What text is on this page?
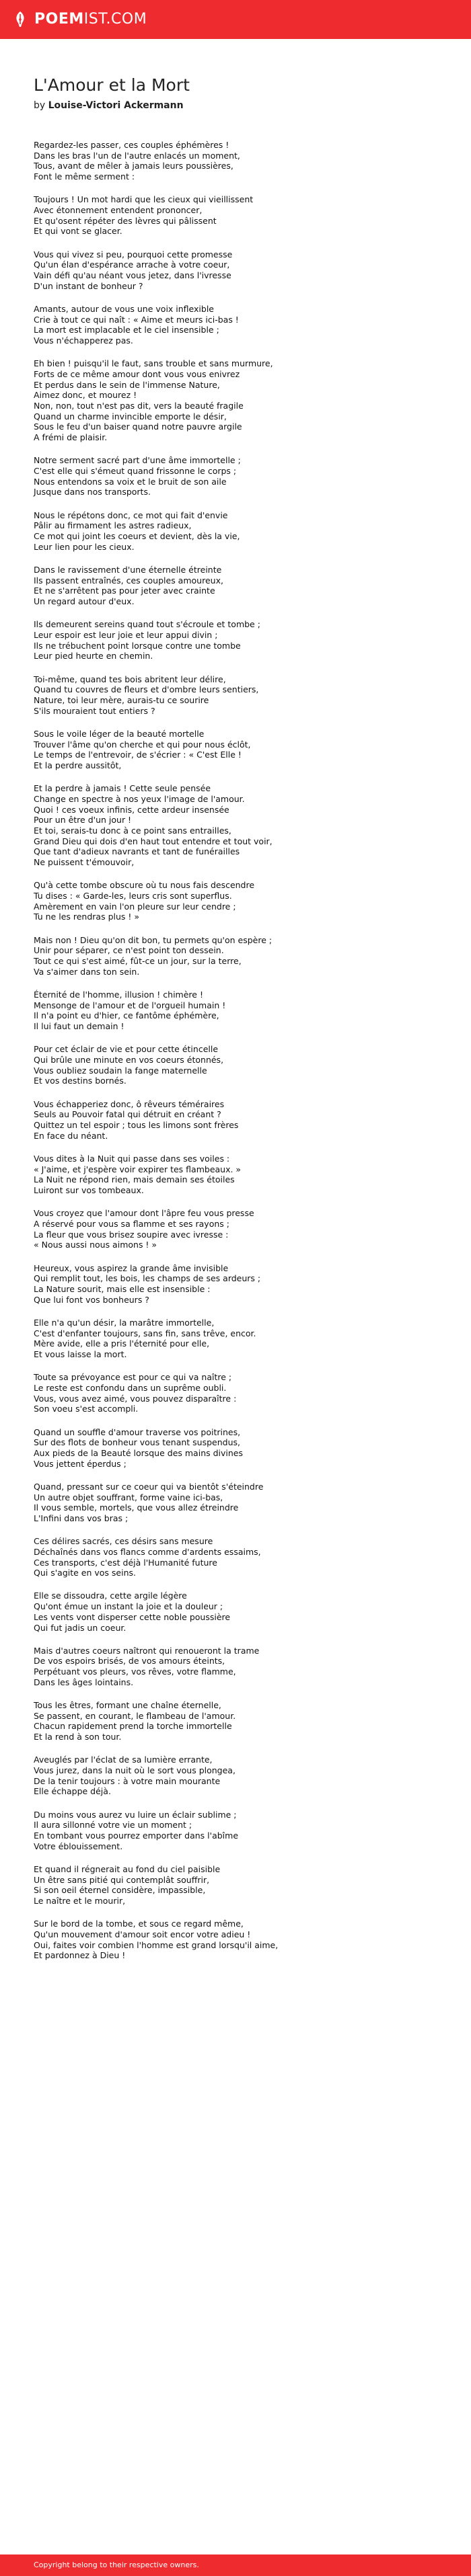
POEMIST.COM
L'Amour et la Mort
by Louise-Victori Ackermann
Regardez-les passer, ces couples éphémères !
Dans les bras l'un de l'autre enlacés un moment,
Tous, avant de mêler à jamais leurs poussières,
Font le même serment :
Toujours ! Un mot hardi que les cieux qui vieillissent
Avec étonnement entendent prononcer,
Et qu'osent répéter des lèvres qui pâlissent
Et qui vont se glacer.
Vous qui vivez si peu, pourquoi cette promesse
Qu'un élan d'espérance arrache à votre coeur,
Vain défi qu'au néant vous jetez, dans l'ivresse
D'un instant de bonheur ?
Amants, autour de vous une voix inflexible
Crie à tout ce qui naît : « Aime et meurs ici-bas !
La mort est implacable et le ciel insensible ;
Vous n'échapperez pas.
Eh bien ! puisqu'il le faut, sans trouble et sans murmure,
Forts de ce même amour dont vous vous enivrez
Et perdus dans le sein de l'immense Nature,
Aimez donc, et mourez !
Non, non, tout n'est pas dit, vers la beauté fragile
Quand un charme invincible emporte le désir,
Sous le feu d'un baiser quand notre pauvre argile
A frémi de plaisir.
Notre serment sacré part d'une âme immortelle ;
C'est elle qui s'émeut quand frissonne le corps ;
Nous entendons sa voix et le bruit de son aile
Jusque dans nos transports.
Nous le répétons donc, ce mot qui fait d'envie
Pâlir au firmament les astres radieux,
Ce mot qui joint les coeurs et devient, dès la vie,
Leur lien pour les cieux.
Dans le ravissement d'une éternelle étreinte
Ils passent entraînés, ces couples amoureux,
Et ne s'arrêtent pas pour jeter avec crainte
Un regard autour d'eux.
Ils demeurent sereins quand tout s'écroule et tombe ;
Leur espoir est leur joie et leur appui divin ;
Ils ne trébuchent point lorsque contre une tombe
Leur pied heurte en chemin.
Toi-même, quand tes bois abritent leur délire,
Quand tu couvres de fleurs et d'ombre leurs sentiers,
Nature, toi leur mère, aurais-tu ce sourire
S'ils mouraient tout entiers ?
Sous le voile léger de la beauté mortelle
Trouver l'âme qu'on cherche et qui pour nous éclôt,
Le temps de l'entrevoir, de s'écrier : « C'est Elle !
Et la perdre aussitôt,
Et la perdre à jamais ! Cette seule pensée
Change en spectre à nos yeux l'image de l'amour.
Quoi ! ces voeux infinis, cette ardeur insensée
Pour un être d'un jour !
Et toi, serais-tu donc à ce point sans entrailles,
Grand Dieu qui dois d'en haut tout entendre et tout voir,
Que tant d'adieux navrants et tant de funérailles
Ne puissent t'émouvoir,
Qu'à cette tombe obscure où tu nous fais descendre
Tu dises : « Garde-les, leurs cris sont superflus.
Amèrement en vain l'on pleure sur leur cendre ;
Tu ne les rendras plus ! »
Mais non ! Dieu qu'on dit bon, tu permets qu'on espère ;
Unir pour séparer, ce n'est point ton dessein.
Tout ce qui s'est aimé, fût-ce un jour, sur la terre,
Va s'aimer dans ton sein.
Éternité de l'homme, illusion ! chimère !
Mensonge de l'amour et de l'orgueil humain !
Il n'a point eu d'hier, ce fantôme éphémère,
Il lui faut un demain !
Pour cet éclair de vie et pour cette étincelle
Qui brûle une minute en vos coeurs étonnés,
Vous oubliez soudain la fange maternelle
Et vos destins bornés.
Vous échapperiez donc, ô rêveurs téméraires
Seuls au Pouvoir fatal qui détruit en créant ?
Quittez un tel espoir ; tous les limons sont frères
En face du néant.
Vous dites à la Nuit qui passe dans ses voiles :
« J'aime, et j'espère voir expirer tes flambeaux. »
La Nuit ne répond rien, mais demain ses étoiles
Luiront sur vos tombeaux.
Vous croyez que l'amour dont l'âpre feu vous presse
A réservé pour vous sa flamme et ses rayons ;
La fleur que vous brisez soupire avec ivresse :
« Nous aussi nous aimons ! »
Heureux, vous aspirez la grande âme invisible
Qui remplit tout, les bois, les champs de ses ardeurs ;
La Nature sourit, mais elle est insensible :
Que lui font vos bonheurs ?
Elle n'a qu'un désir, la marâtre immortelle,
C'est d'enfanter toujours, sans fin, sans trêve, encor.
Mère avide, elle a pris l'éternité pour elle,
Et vous laisse la mort.
Toute sa prévoyance est pour ce qui va naître ;
Le reste est confondu dans un suprême oubli.
Vous, vous avez aimé, vous pouvez disparaître :
Son voeu s'est accompli.
Quand un souffle d'amour traverse vos poitrines,
Sur des flots de bonheur vous tenant suspendus,
Aux pieds de la Beauté lorsque des mains divines
Vous jettent éperdus ;
Quand, pressant sur ce coeur qui va bientôt s'éteindre
Un autre objet souffrant, forme vaine ici-bas,
Il vous semble, mortels, que vous allez étreindre
L'Infini dans vos bras ;
Ces délires sacrés, ces désirs sans mesure
Déchaînés dans vos flancs comme d'ardents essaims,
Ces transports, c'est déjà l'Humanité future
Qui s'agite en vos seins.
Elle se dissoudra, cette argile légère
Qu'ont émue un instant la joie et la douleur ;
Les vents vont disperser cette noble poussière
Qui fut jadis un coeur.
Mais d'autres coeurs naîtront qui renoueront la trame
De vos espoirs brisés, de vos amours éteints,
Perpétuant vos pleurs, vos rêves, votre flamme,
Dans les âges lointains.
Tous les êtres, formant une chaîne éternelle,
Se passent, en courant, le flambeau de l'amour.
Chacun rapidement prend la torche immortelle
Et la rend à son tour.
Aveuglés par l'éclat de sa lumière errante,
Vous jurez, dans la nuit où le sort vous plongea,
De la tenir toujours : à votre main mourante
Elle échappe déjà.
Du moins vous aurez vu luire un éclair sublime ;
Il aura sillonné votre vie un moment ;
En tombant vous pourrez emporter dans l'abîme
Votre éblouissement.
Et quand il régnerait au fond du ciel paisible
Un être sans pitié qui contemplât souffrir,
Si son oeil éternel considère, impassible,
Le naître et le mourir,
Sur le bord de la tombe, et sous ce regard même,
Qu'un mouvement d'amour soit encor votre adieu !
Oui, faites voir combien l'homme est grand lorsqu'il aime,
Et pardonnez à Dieu !
Copyright belong to their respective owners.
